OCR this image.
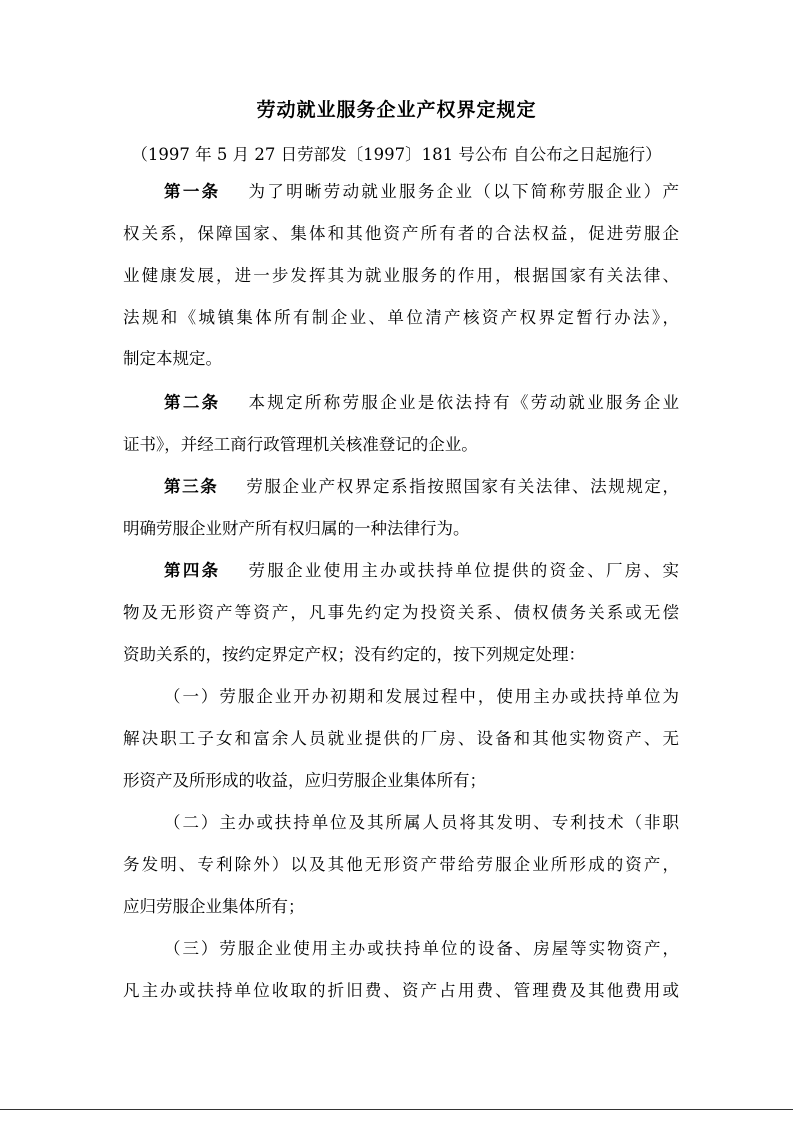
劳动就业服务企业产权界定规定
（1997 年 5 月 27 日劳部发〔1997〕181 号公布 自公布之日起施行）
第一条 为了明晰劳动就业服务企业（以下简称劳服企业）产
权关系，保障国家、集体和其他资产所有者的合法权益，促进劳服企
业健康发展，进一步发挥其为就业服务的作用，根据国家有关法律、
法规和《城镇集体所有制企业、单位清产核资产权界定暂行办法》，
制定本规定。
第二条 本规定所称劳服企业是依法持有《劳动就业服务企业
证书》，并经工商行政管理机关核准登记的企业。
第三条 劳服企业产权界定系指按照国家有关法律、法规规定，
明确劳服企业财产所有权归属的一种法律行为。
第四条 劳服企业使用主办或扶持单位提供的资金、厂房、实
物及无形资产等资产，凡事先约定为投资关系、债权债务关系或无偿
资助关系的，按约定界定产权；没有约定的，按下列规定处理：
（一）劳服企业开办初期和发展过程中，使用主办或扶持单位为
解决职工子女和富余人员就业提供的厂房、设备和其他实物资产、无
形资产及所形成的收益，应归劳服企业集体所有；
（二）主办或扶持单位及其所属人员将其发明、专利技术（非职
务发明、专利除外）以及其他无形资产带给劳服企业所形成的资产，
应归劳服企业集体所有；
（三）劳服企业使用主办或扶持单位的设备、房屋等实物资产，
凡主办或扶持单位收取的折旧费、资产占用费、管理费及其他费用或
